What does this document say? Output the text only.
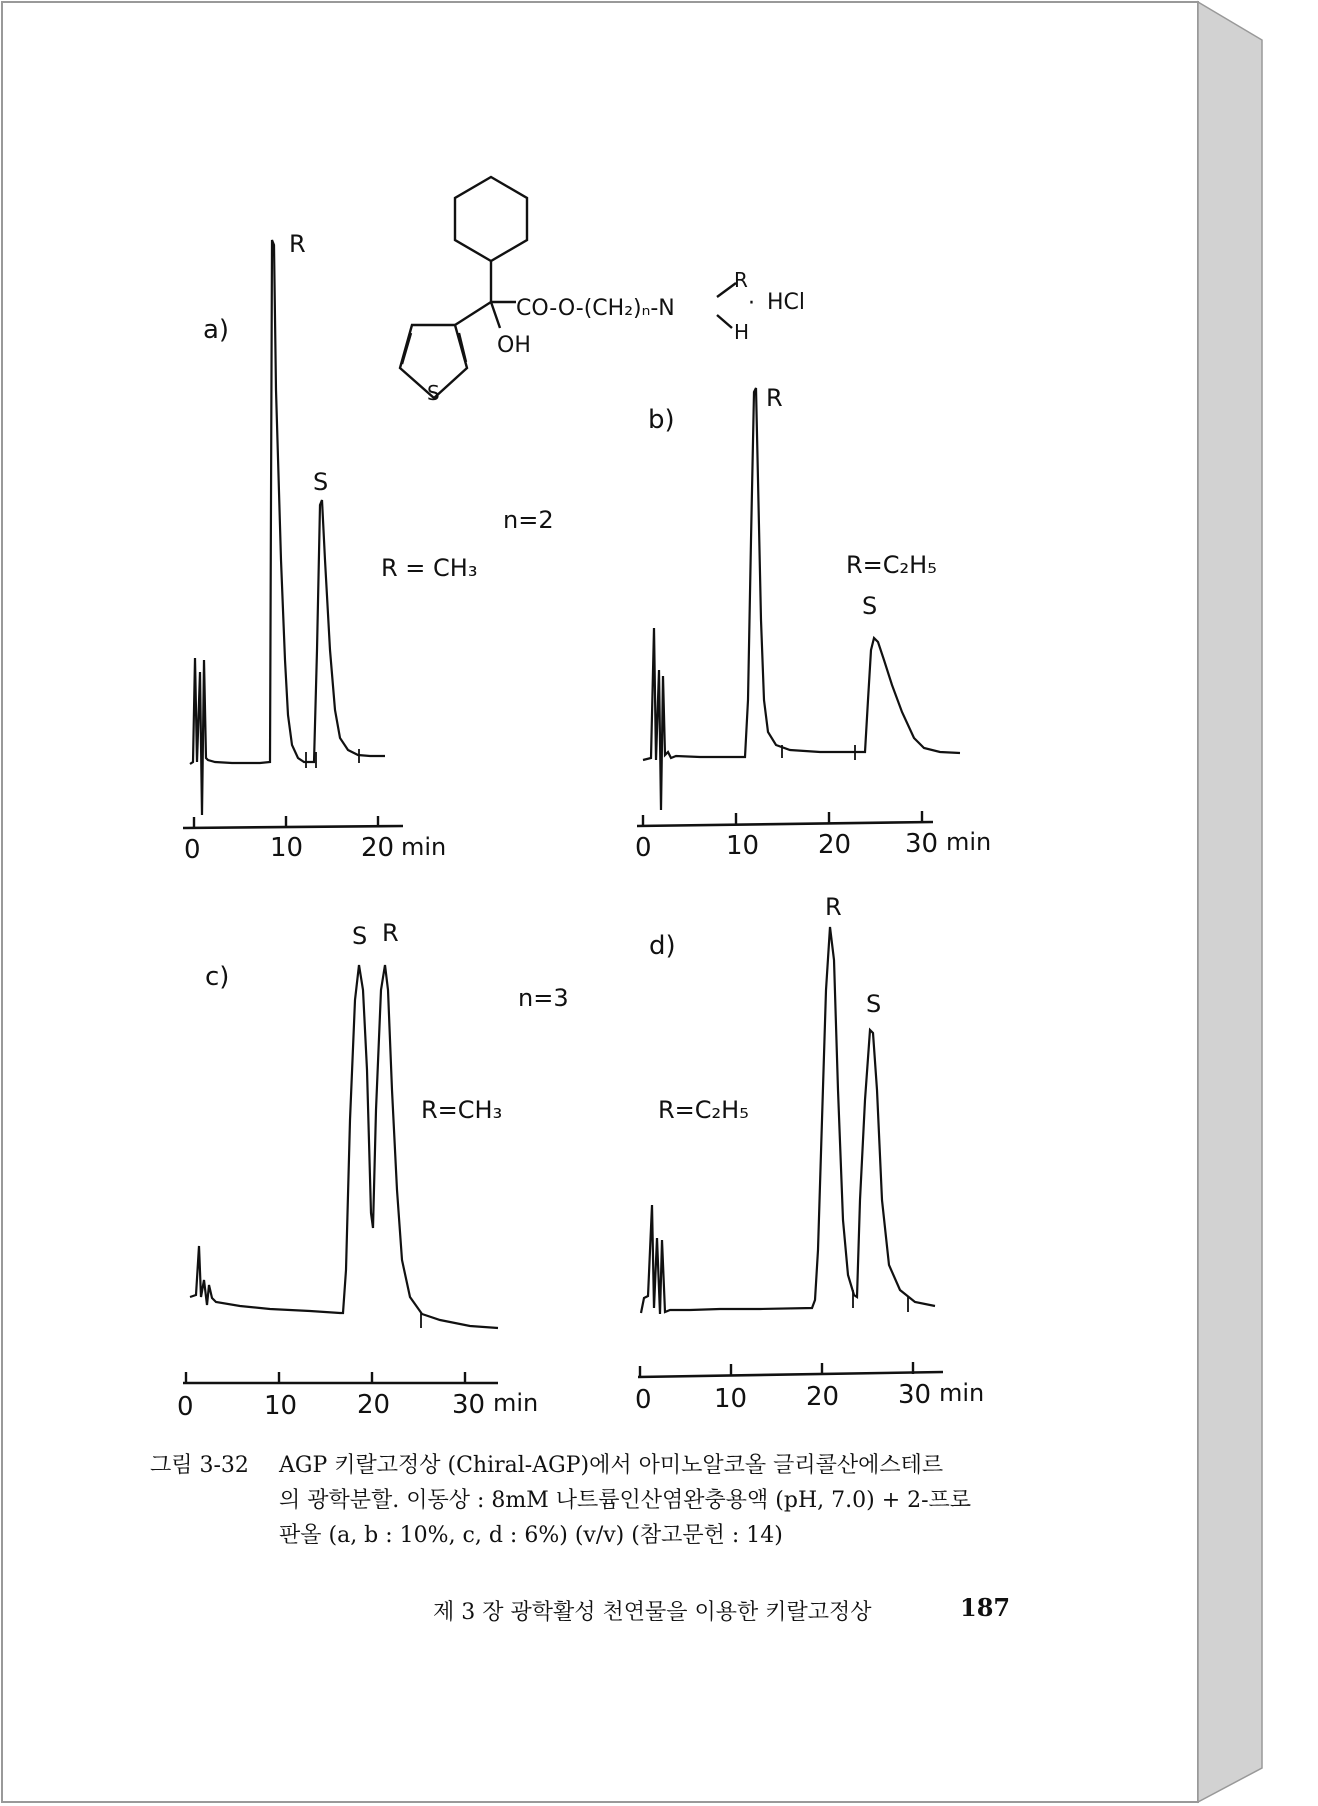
CO-O-(CH₂)ₙ-N
OH
S
R
H
· HCl
n=2
n=3
a)
R
S
R = CH₃
0	10 20 min
b)
R
R=C₂H₅
S
0	10 20 30 min
c)
S R
R=CH₃
0	10 20 30 min
d)
R
S
R=C₂H₅
0 10 20 30 min
그림 3-32 AGP 키랄고정상 (Chiral-AGP)에서 아미노알코올 글리콜산에스테르
의 광학분할. 이동상 : 8mM 나트륨인산염완충용액 (pH, 7.0) + 2-프로
판올 (a, b : 10%, c, d : 6%) (v/v) (참고문헌 : 14)
제 3 장 광학활성 천연물을 이용한 키랄고정상	187
